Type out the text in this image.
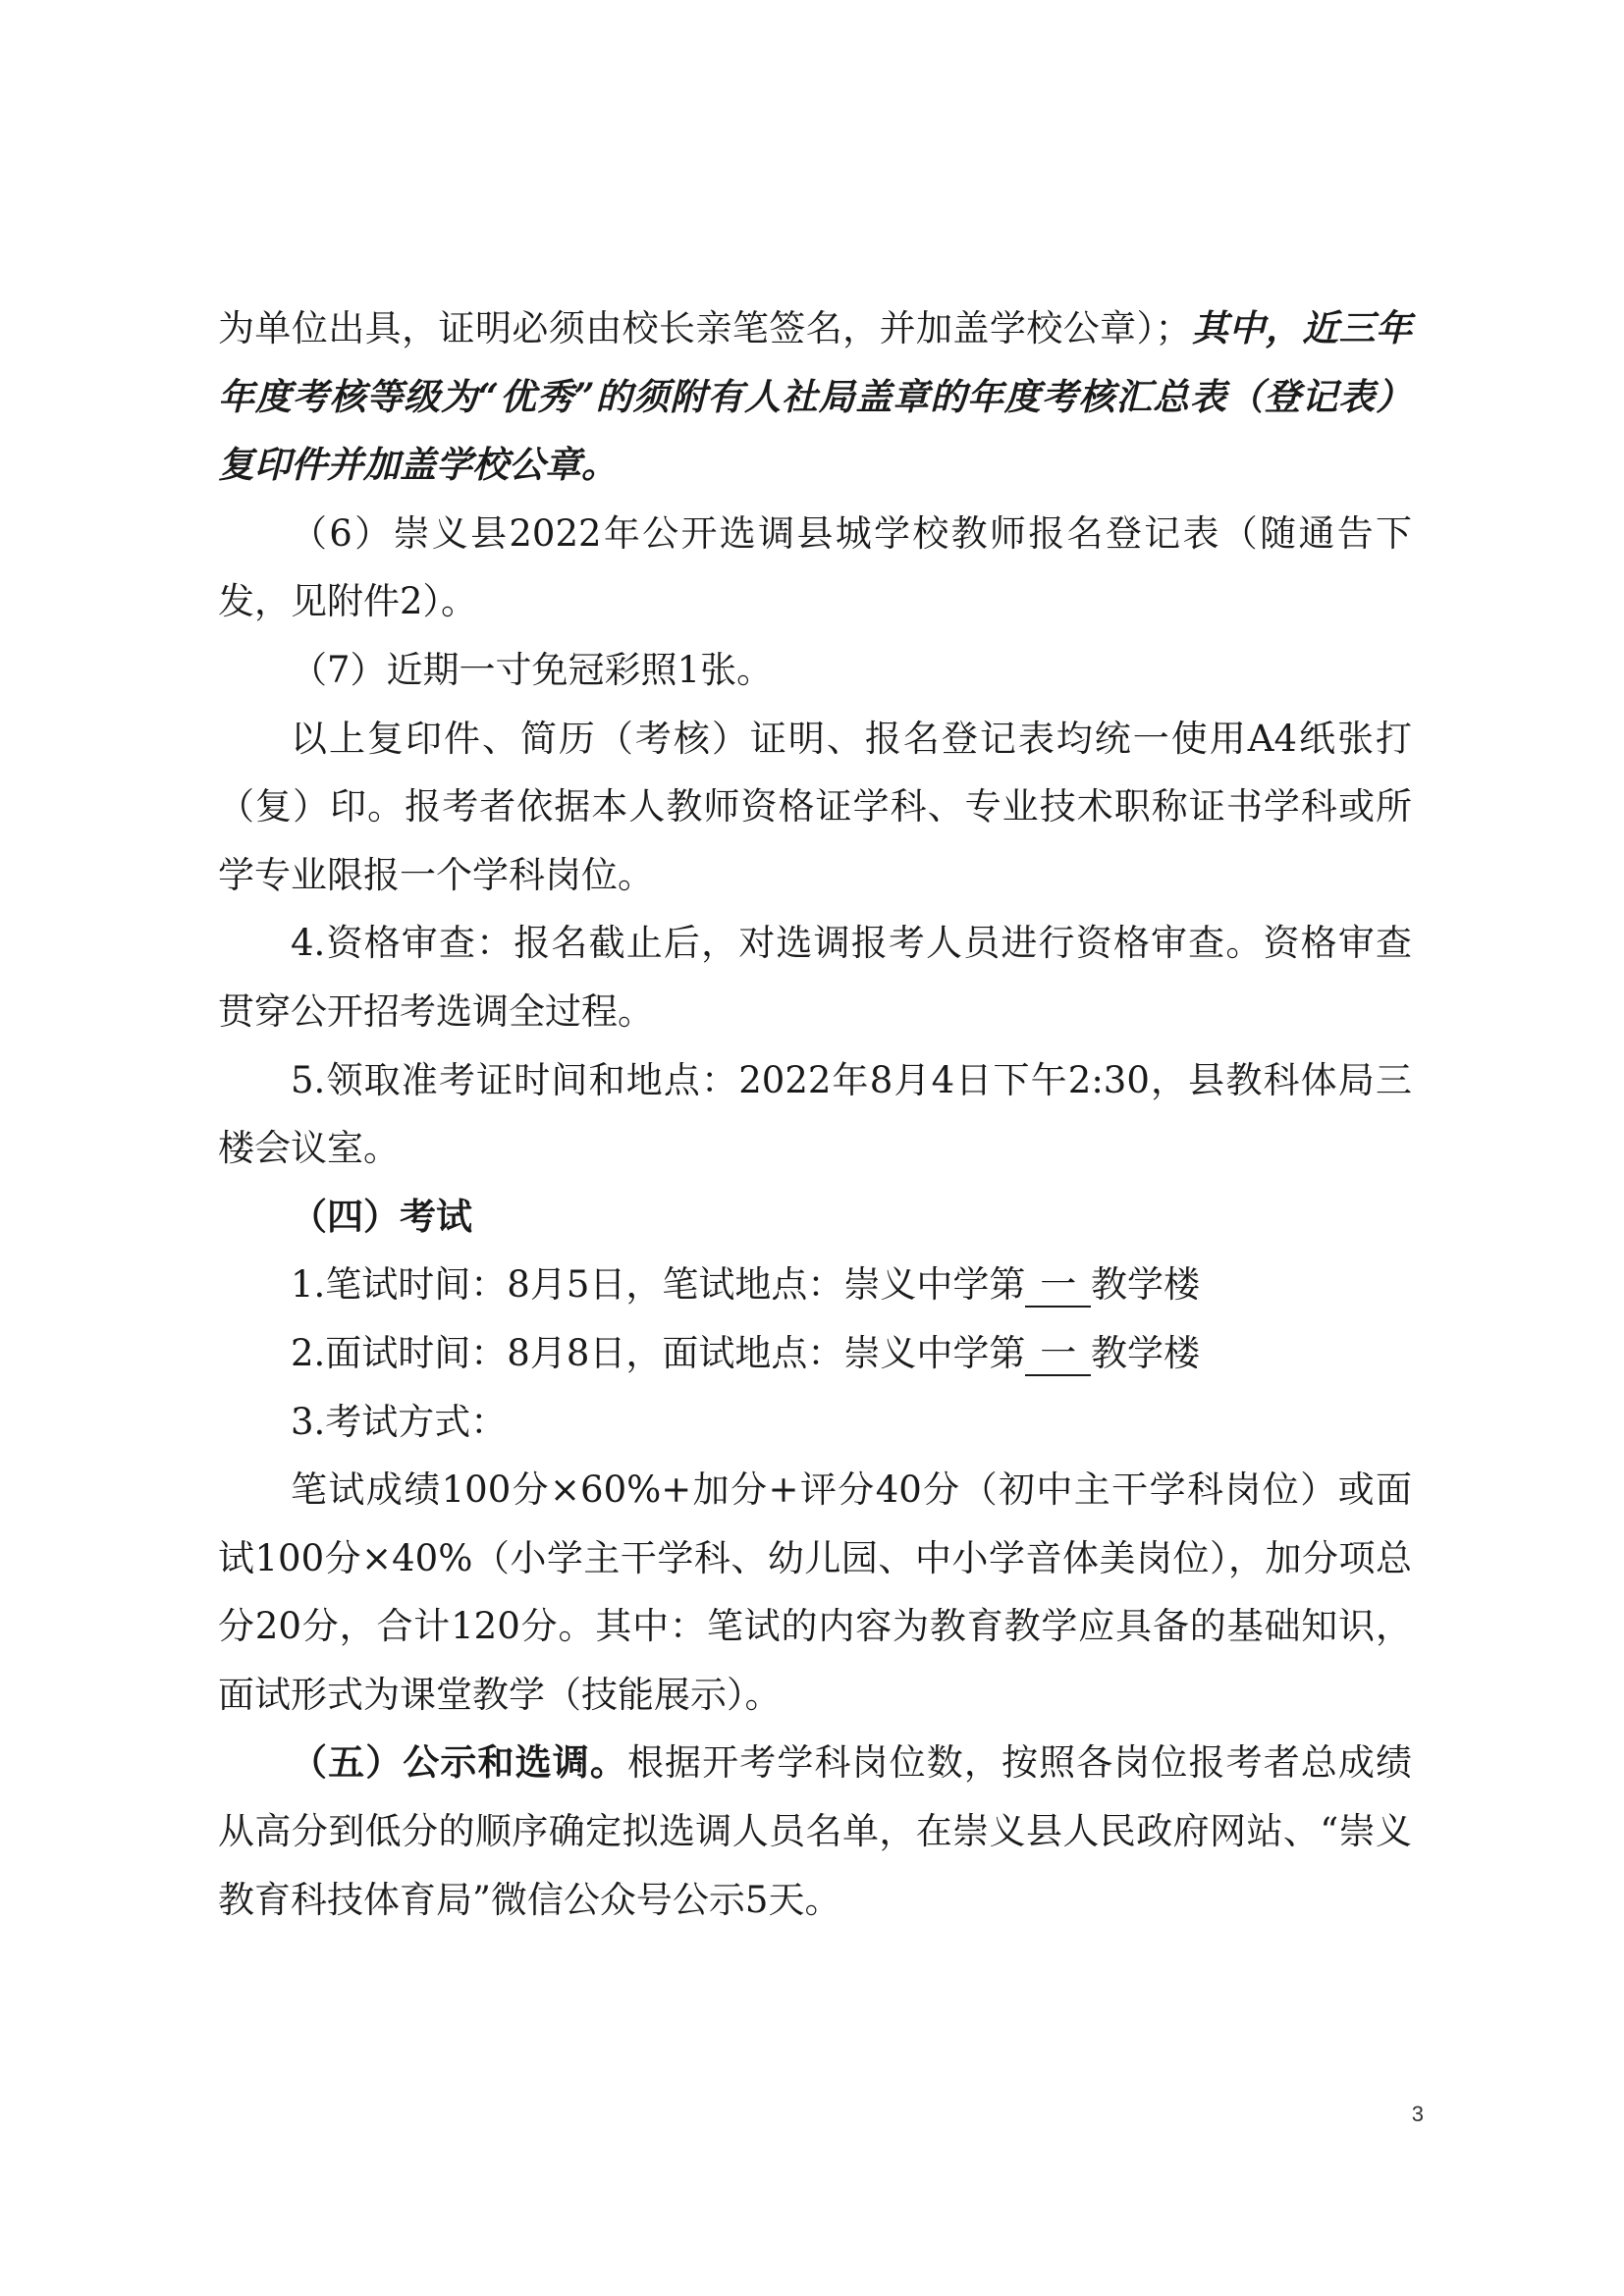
为单位出具，证明必须由校长亲笔签名，并加盖学校公章）；其中，近三年年度考核等级为“优秀”的须附有人社局盖章的年度考核汇总表（登记表）复印件并加盖学校公章。

（6）崇义县2022年公开选调县城学校教师报名登记表（随通告下发，见附件2）。

（7）近期一寸免冠彩照1张。

以上复印件、简历（考核）证明、报名登记表均统一使用A4纸张打（复）印。报考者依据本人教师资格证学科、专业技术职称证书学科或所学专业限报一个学科岗位。

4.资格审查：报名截止后，对选调报考人员进行资格审查。资格审查贯穿公开招考选调全过程。

5.领取准考证时间和地点：2022年8月4日下午2:30，县教科体局三楼会议室。

（四）考试

1.笔试时间：8月5日，笔试地点：崇义中学第 一 教学楼

2.面试时间：8月8日，面试地点：崇义中学第 一 教学楼

3.考试方式：

笔试成绩100分×60%+加分+评分40分（初中主干学科岗位）或面试100分×40%（小学主干学科、幼儿园、中小学音体美岗位），加分项总分20分，合计120分。其中：笔试的内容为教育教学应具备的基础知识，面试形式为课堂教学（技能展示）。

（五）公示和选调。根据开考学科岗位数，按照各岗位报考者总成绩从高分到低分的顺序确定拟选调人员名单，在崇义县人民政府网站、“崇义教育科技体育局”微信公众号公示5天。

3
